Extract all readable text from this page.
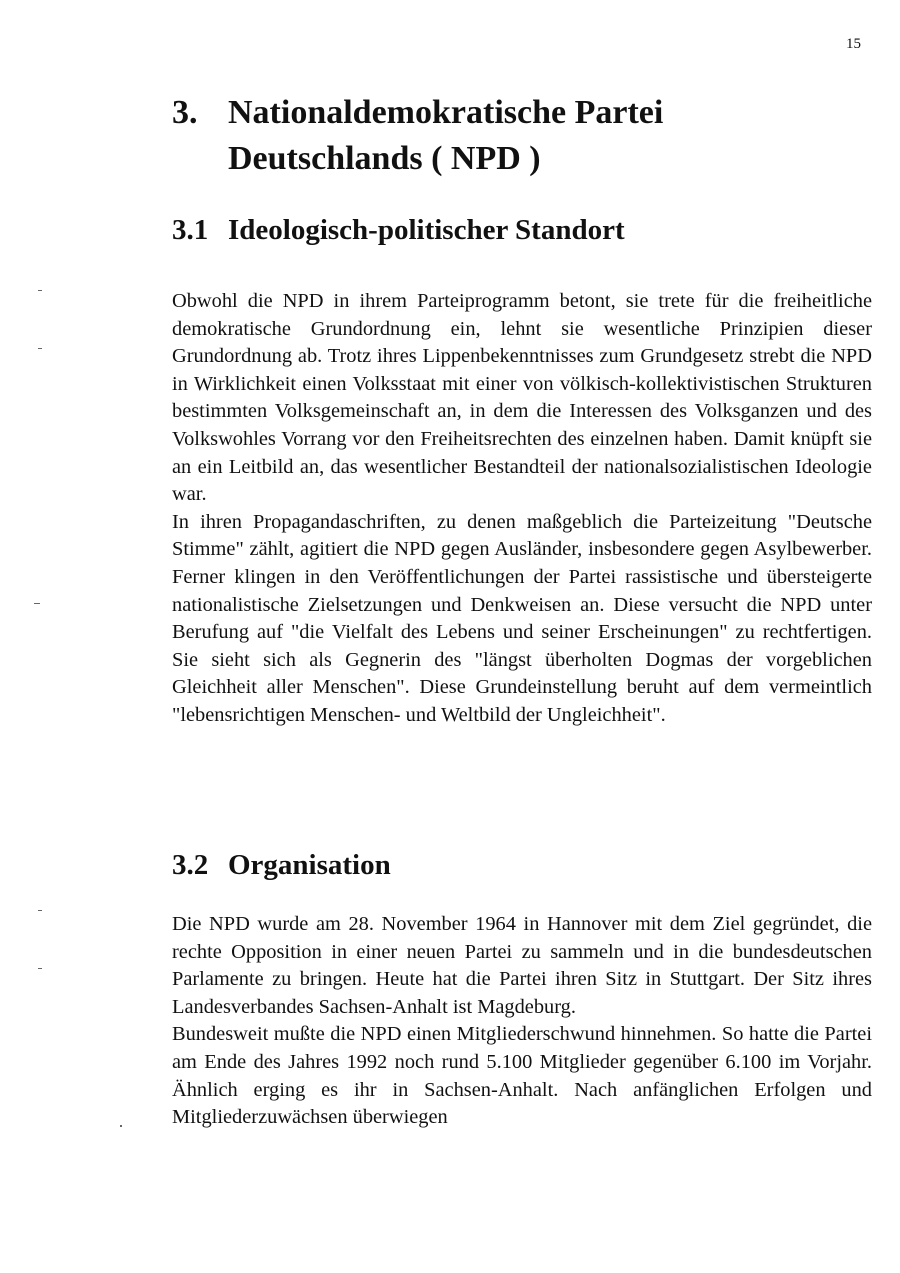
15
3. Nationaldemokratische Partei Deutschlands ( NPD )
3.1 Ideologisch-politischer Standort

Obwohl die NPD in ihrem Parteiprogramm betont, sie trete für die freiheitliche demokratische Grundordnung ein, lehnt sie wesentliche Prinzipien dieser Grundordnung ab. Trotz ihres Lippenbekenntnisses zum Grundgesetz strebt die NPD in Wirklichkeit einen Volksstaat mit einer von völkisch-kollektivistischen Strukturen bestimmten Volksgemeinschaft an, in dem die Interessen des Volksganzen und des Volkswohles Vorrang vor den Freiheitsrechten des einzelnen haben. Damit knüpft sie an ein Leitbild an, das wesentlicher Bestandteil der nationalsozialistischen Ideologie war.

In ihren Propagandaschriften, zu denen maßgeblich die Parteizeitung "Deutsche Stimme" zählt, agitiert die NPD gegen Ausländer, insbesondere gegen Asylbewerber. Ferner klingen in den Veröffentlichungen der Partei rassistische und übersteigerte nationalistische Zielsetzungen und Denkweisen an. Diese versucht die NPD unter Berufung auf "die Vielfalt des Lebens und seiner Erscheinungen" zu rechtfertigen. Sie sieht sich als Gegnerin des "längst überholten Dogmas der vorgeblichen Gleichheit aller Menschen". Diese Grundeinstellung beruht auf dem vermeintlich "lebensrichtigen Menschen- und Weltbild der Ungleichheit".

3.2 Organisation

Die NPD wurde am 28. November 1964 in Hannover mit dem Ziel gegründet, die rechte Opposition in einer neuen Partei zu sammeln und in die bundesdeutschen Parlamente zu bringen. Heute hat die Partei ihren Sitz in Stuttgart. Der Sitz ihres Landesverbandes Sachsen-Anhalt ist Magdeburg.

Bundesweit mußte die NPD einen Mitgliederschwund hinnehmen. So hatte die Partei am Ende des Jahres 1992 noch rund 5.100 Mitglieder gegenüber 6.100 im Vorjahr. Ähnlich erging es ihr in Sachsen-Anhalt. Nach anfänglichen Erfolgen und Mitgliederzuwächsen überwiegen
